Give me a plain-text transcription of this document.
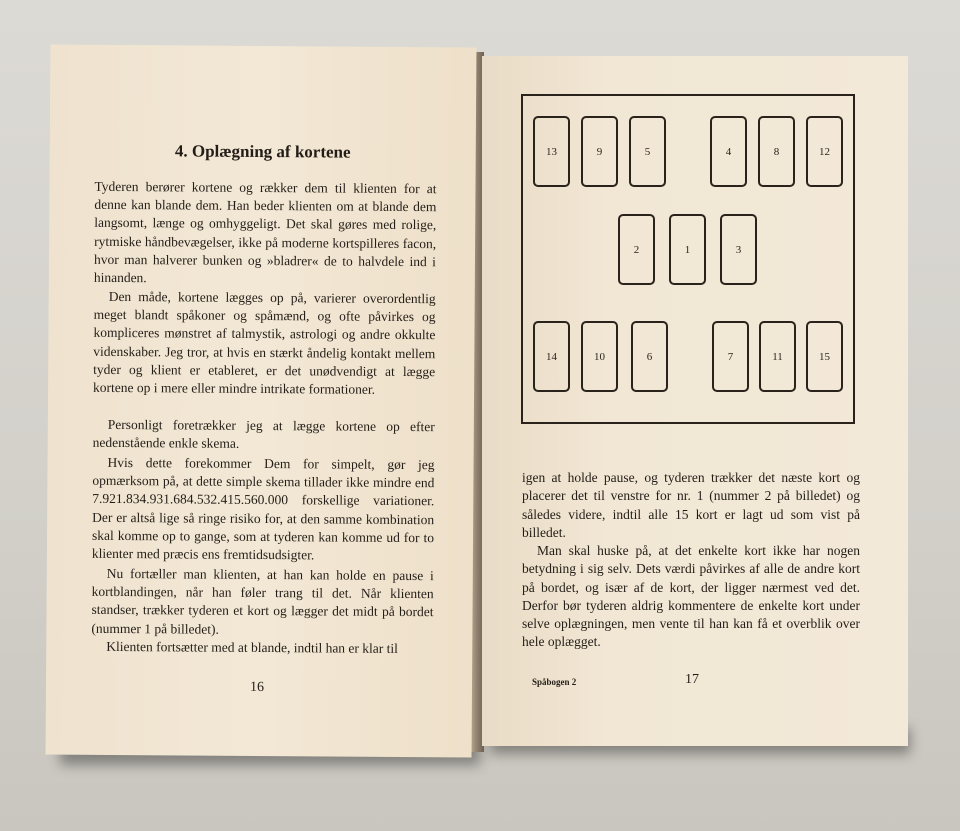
4. Oplægning af kortene

Tyderen berører kortene og rækker dem til klienten for at denne kan blande dem. Han beder klienten om at blande dem langsomt, længe og omhyggeligt. Det skal gøres med rolige, rytmiske håndbevægelser, ikke på moderne kortspilleres facon, hvor man halverer bunken og »bladrer« de to halvdele ind i hinanden.

Den måde, kortene lægges op på, varierer overordentlig meget blandt spåkoner og spåmænd, og ofte påvirkes og kompliceres mønstret af talmystik, astrologi og andre okkulte videnskaber. Jeg tror, at hvis en stærkt åndelig kontakt mellem tyder og klient er etableret, er det unødvendigt at lægge kortene op i mere eller mindre intrikate formationer.

Personligt foretrækker jeg at lægge kortene op efter nedenstående enkle skema.

Hvis dette forekommer Dem for simpelt, gør jeg opmærksom på, at dette simple skema tillader ikke mindre end 7.921.834.931.684.532.415.560.000 forskellige variationer. Der er altså lige så ringe risiko for, at den samme kombination skal komme op to gange, som at tyderen kan komme ud for to klienter med præcis ens fremtidsudsigter.

Nu fortæller man klienten, at han kan holde en pause i kortblandingen, når han føler trang til det. Når klienten standser, trækker tyderen et kort og lægger det midt på bordet (nummer 1 på billedet).

Klienten fortsætter med at blande, indtil han er klar til

16
13	9	5	4	8	12
2	1	3
14	10	6	7	11	15

igen at holde pause, og tyderen trækker det næste kort og placerer det til venstre for nr. 1 (nummer 2 på billedet) og således videre, indtil alle 15 kort er lagt ud som vist på billedet.

Man skal huske på, at det enkelte kort ikke har nogen betydning i sig selv. Dets værdi påvirkes af alle de andre kort på bordet, og især af de kort, der ligger nærmest ved det. Derfor bør tyderen aldrig kommentere de enkelte kort under selve oplægningen, men vente til han kan få et overblik over hele oplægget.

Spåbogen 2	17
